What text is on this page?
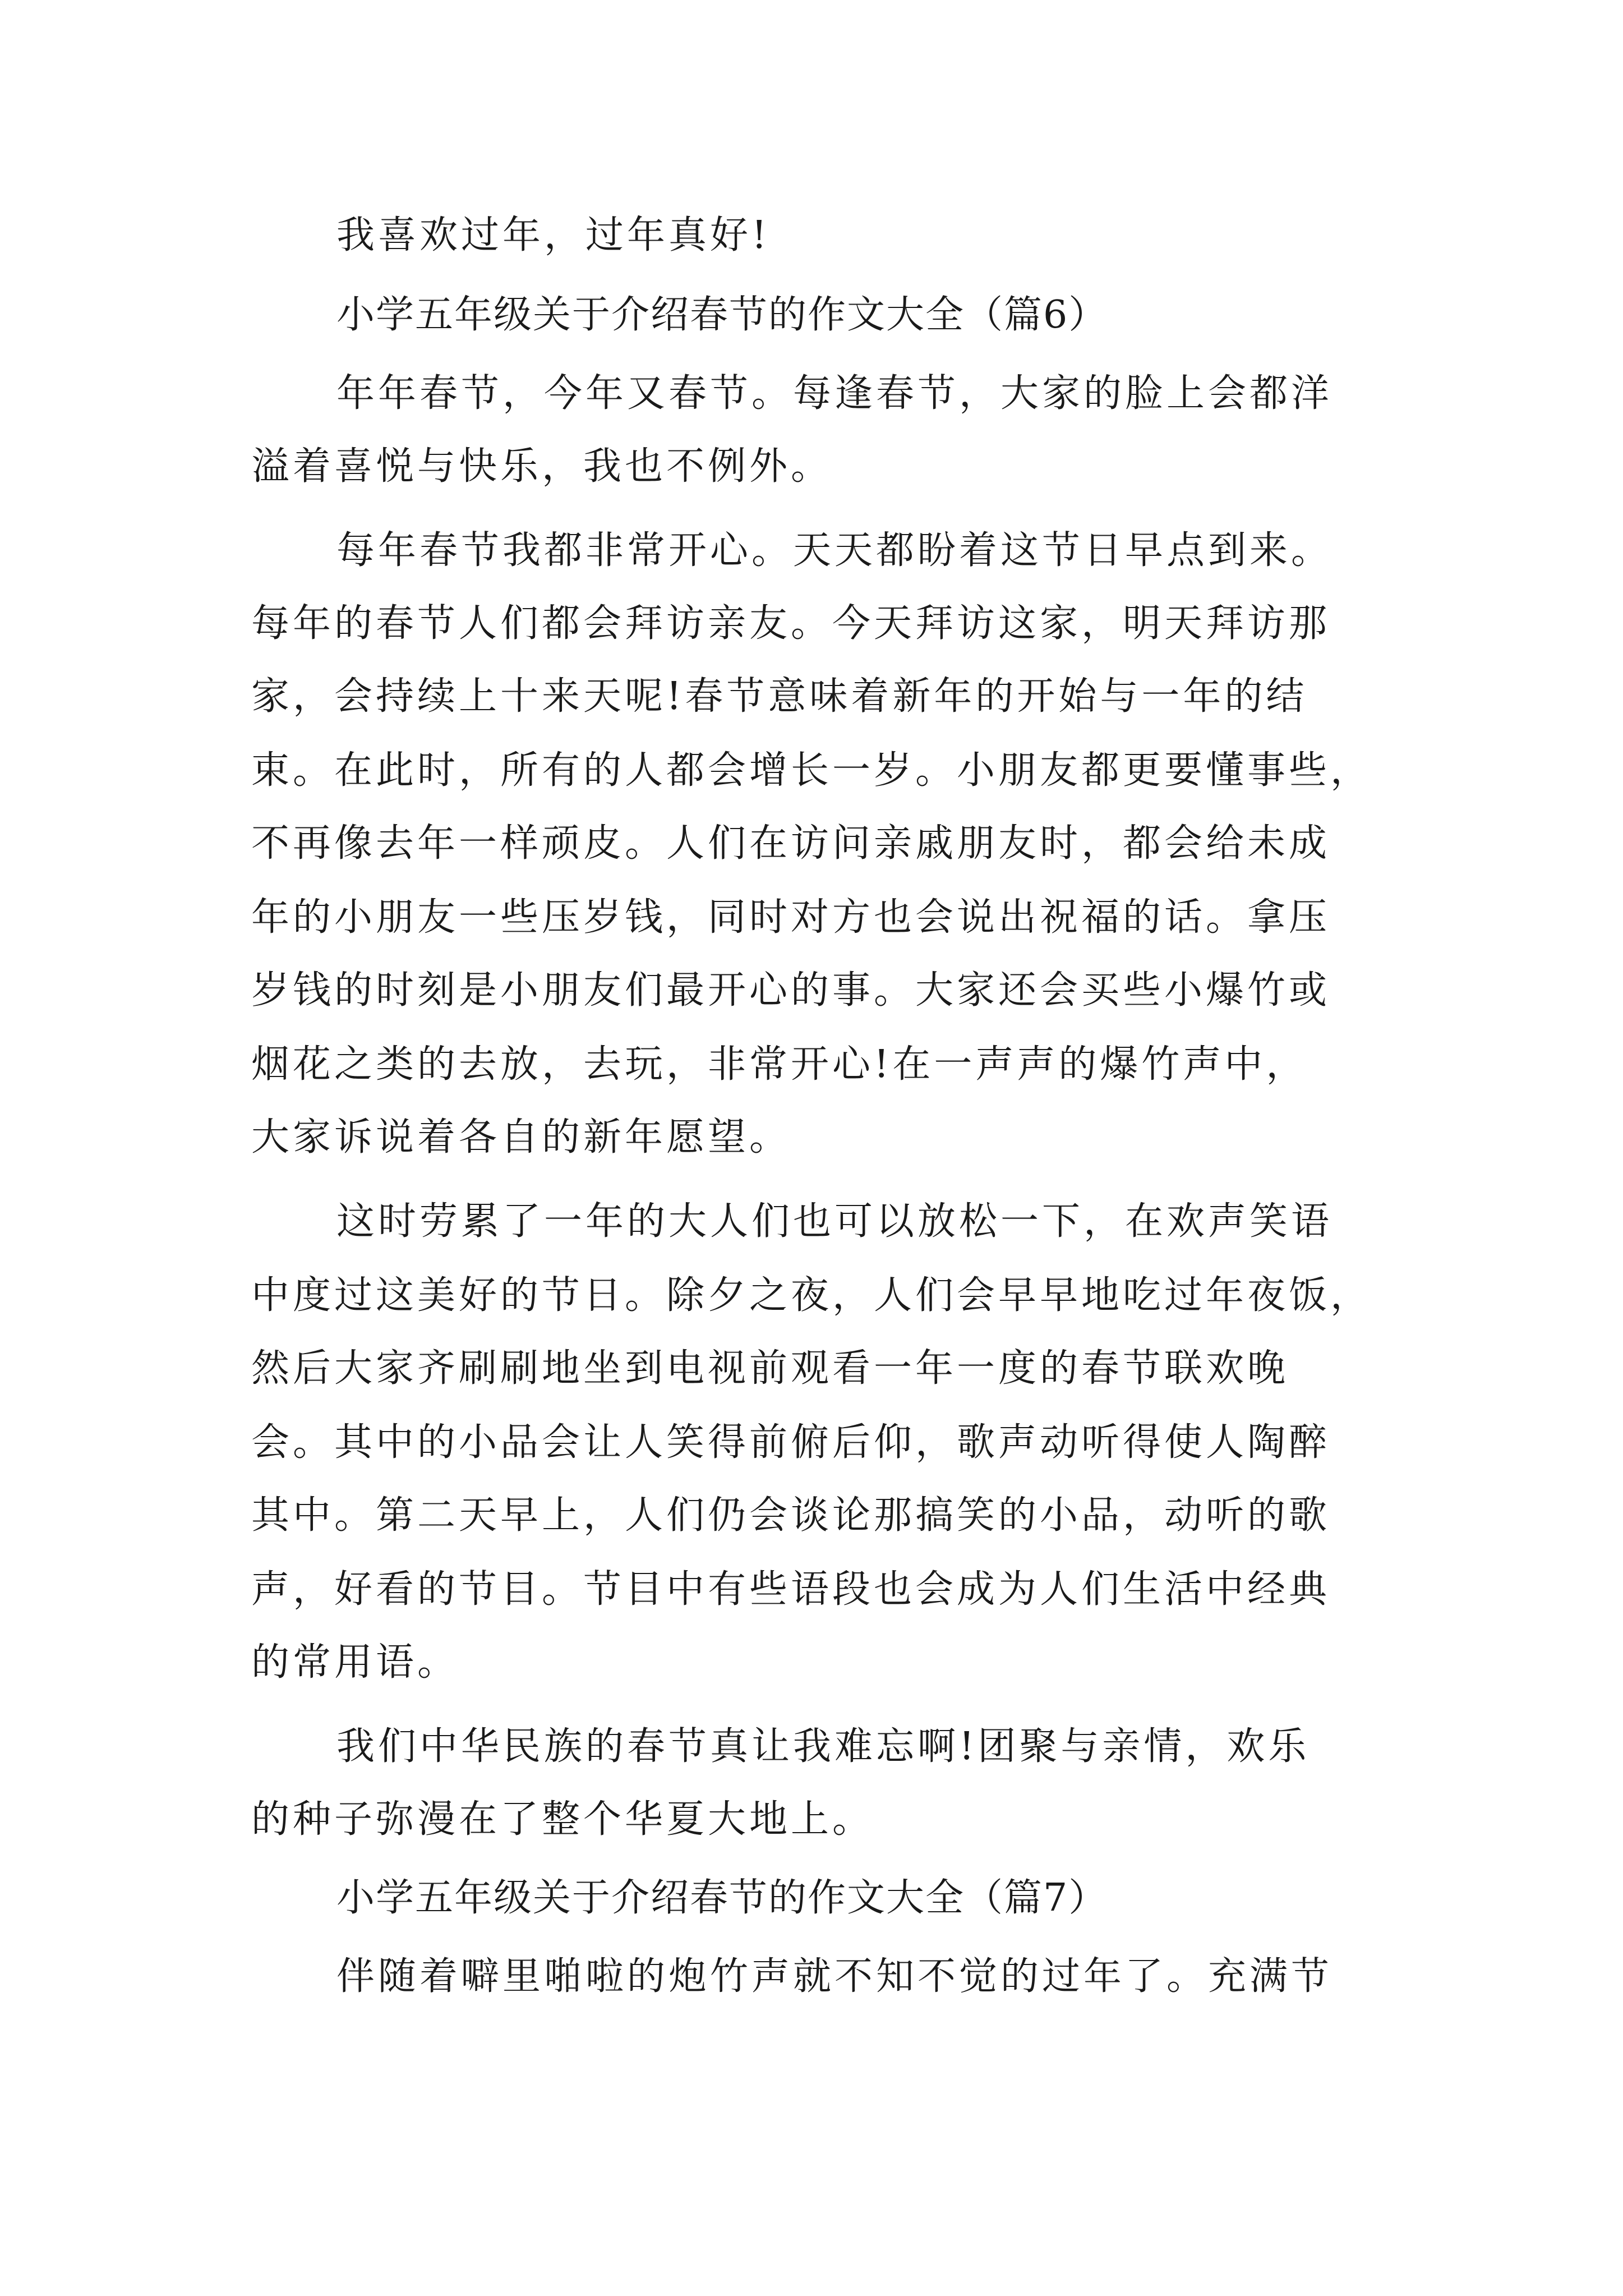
我喜欢过年，过年真好!
小学五年级关于介绍春节的作文大全（篇6）
年年春节，今年又春节。每逢春节，大家的脸上会都洋
溢着喜悦与快乐，我也不例外。
每年春节我都非常开心。天天都盼着这节日早点到来。
每年的春节人们都会拜访亲友。今天拜访这家，明天拜访那
家，会持续上十来天呢!春节意味着新年的开始与一年的结
束。在此时，所有的人都会增长一岁。小朋友都更要懂事些，
不再像去年一样顽皮。人们在访问亲戚朋友时，都会给未成
年的小朋友一些压岁钱，同时对方也会说出祝福的话。拿压
岁钱的时刻是小朋友们最开心的事。大家还会买些小爆竹或
烟花之类的去放，去玩，非常开心!在一声声的爆竹声中，
大家诉说着各自的新年愿望。
这时劳累了一年的大人们也可以放松一下，在欢声笑语
中度过这美好的节日。除夕之夜，人们会早早地吃过年夜饭，
然后大家齐刷刷地坐到电视前观看一年一度的春节联欢晚
会。其中的小品会让人笑得前俯后仰，歌声动听得使人陶醉
其中。第二天早上，人们仍会谈论那搞笑的小品，动听的歌
声，好看的节目。节目中有些语段也会成为人们生活中经典
的常用语。
我们中华民族的春节真让我难忘啊!团聚与亲情，欢乐
的种子弥漫在了整个华夏大地上。
小学五年级关于介绍春节的作文大全（篇7）
伴随着噼里啪啦的炮竹声就不知不觉的过年了。充满节
